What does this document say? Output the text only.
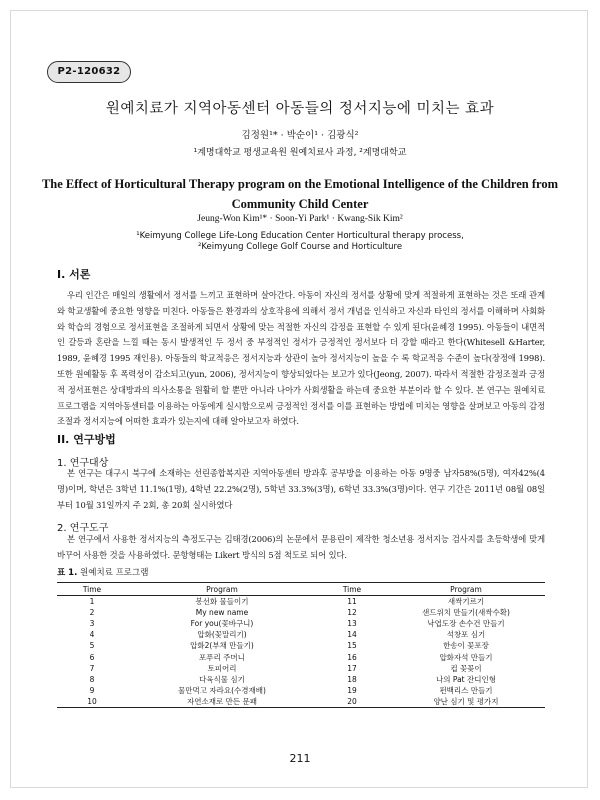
P2-120632
원예치료가 지역아동센터 아동들의 정서지능에 미치는 효과
김정원¹* · 박순이¹ · 김광식²
¹계명대학교 평생교육원 원예치료사 과정, ²계명대학교
The Effect of Horticultural Therapy program on the Emotional Intelligence of the Children from Community Child Center
Jeung-Won Kim¹* · Soon-Yi Park¹ · Kwang-Sik Kim²
¹Keimyung College Life-Long Education Center Horticultural therapy process,
²Keimyung College Golf Course and Horticulture
I. 서론

우리 인간은 매일의 생활에서 정서를 느끼고 표현하며 살아간다. 아동이 자신의 정서를 상황에 맞게 적절하게 표현하는 것은 또래 관계와 학교생활에 중요한 영향을 미친다. 아동들은 환경과의 상호작용에 의해서 정서 개념을 인식하고 자신과 타인의 정서를 이해하며 사회화와 학습의 경험으로 정서표현을 조절하게 되면서 상황에 맞는 적절한 자신의 감정을 표현할 수 있게 된다(윤혜경 1995). 아동들이 내면적인 갈등과 혼란을 느낄 때는 동시 발생적인 두 정서 중 부정적인 정서가 긍정적인 정서보다 더 강할 때라고 한다(Whitesell &Harter, 1989, 윤혜경 1995 재인용). 아동들의 학교적응은 정서지능과 상관이 높아 정서지능이 높을 수 록 학교적응 수준이 높다(장정애 1998). 또한 원예활동 후 폭력성이 감소되고(yun, 2006), 정서지능이 향상되었다는 보고가 있다(Jeong, 2007). 따라서 적절한 감정조절과 긍정적 정서표현은 상대방과의 의사소통을 원활히 할 뿐만 아니라 나아가 사회생활을 하는데 중요한 부분이라 할 수 있다. 본 연구는 원예치료프로그램을 지역아동센터를 이용하는 아동에게 실시함으로써 긍정적인 정서를 이를 표현하는 방법에 미치는 영향을 살펴보고 아동의 감정조절과 정서지능에 어떠한 효과가 있는지에 대해 알아보고자 하였다.

II. 연구방법
1. 연구대상

본 연구는 대구시 북구에 소재하는 선린종합복지관 지역아동센터 방과후 공부방을 이용하는 아동 9명중 남자58%(5명), 여자42%(4명)이며, 학년은 3학년 11.1%(1명), 4학년 22.2%(2명), 5학년 33.3%(3명), 6학년 33.3%(3명)이다. 연구 기간은 2011년 08월 08일부터 10월 31일까지 주 2회, 총 20회 실시하였다

2. 연구도구

본 연구에서 사용한 정서지능의 측정도구는 김태경(2006)의 논문에서 문용린이 제작한 청소년용 정서지능 검사지를 초등학생에 맞게 바꾸어 사용한 것을 사용하였다. 문항형태는 Likert 방식의 5점 척도로 되어 있다.

표 1. 원예치료 프로그램
Time	Program	Time	Program
1	봉선화 물들이기	11	새싹기르기
2	My new name	12	샌드위치 만들기(새싹수확)
3	For you(꽃바구니)	13	낙엽도장 손수건 만들기
4	압화(꽃말리기)	14	석창포 심기
5	압화2(부채 만들기)	15	한송이 꽃포장
6	포푸리 주머니	16	압화자석 만들기
7	토피어리	17	컵 꽃꽂이
8	다육식물 심기	18	나의 Pat 잔디인형
9	물만먹고 자라요(수경재배)	19	펀백리스 만들기
10	자연소재로 만든 문패	20	양난 심기 및 평가지
211
